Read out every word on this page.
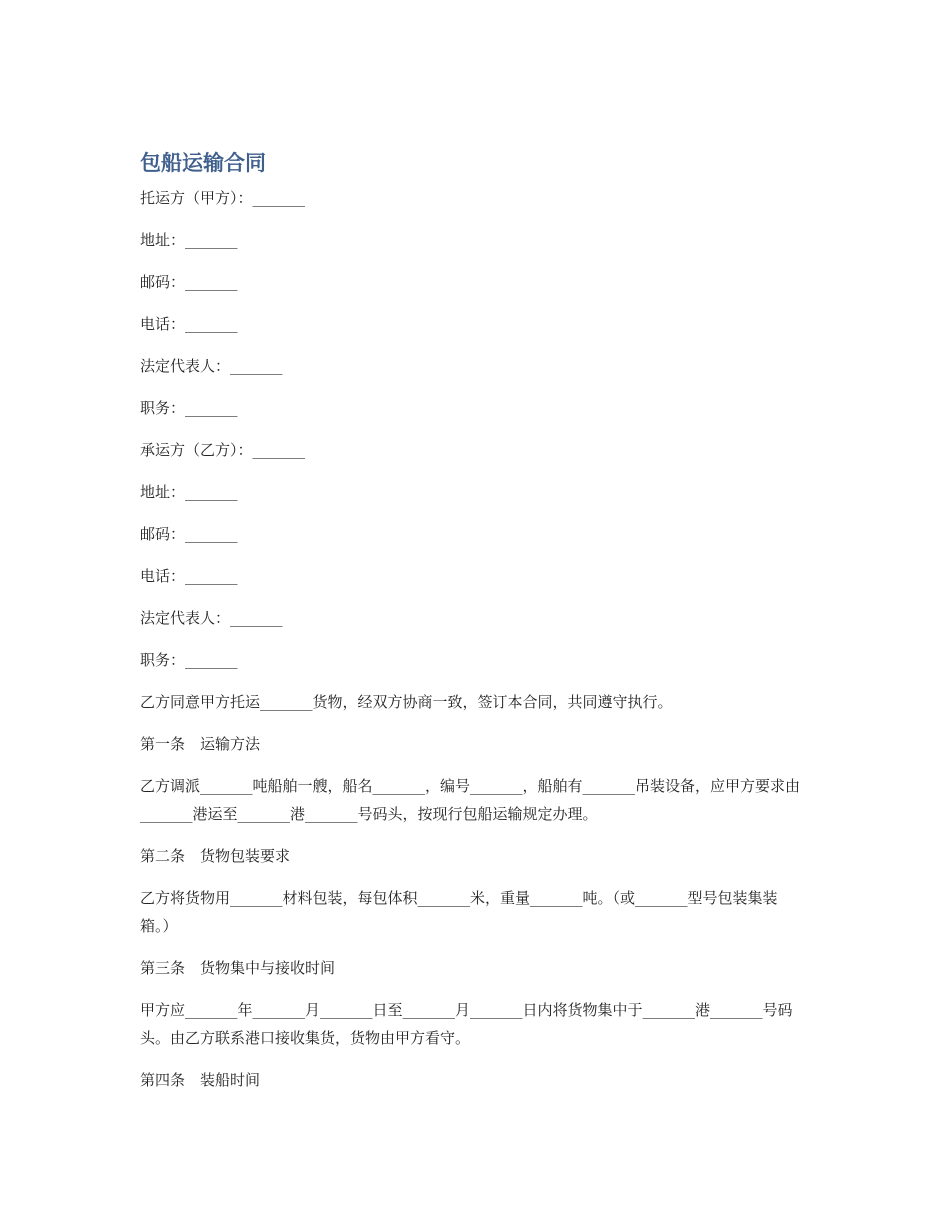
包船运输合同
托运方（甲方）：_______
地址：_______
邮码：_______
电话：_______
法定代表人：_______
职务：_______
承运方（乙方）：_______
地址：_______
邮码：_______
电话：_______
法定代表人：_______
职务：_______
乙方同意甲方托运_______货物，经双方协商一致，签订本合同，共同遵守执行。
第一条　运输方法
乙方调派_______吨船舶一艘，船名_______，编号_______，船舶有_______吊装设备，应甲方要求由_______港运至_______港_______号码头，按现行包船运输规定办理。
第二条　货物包装要求
乙方将货物用_______材料包装，每包体积_______米，重量_______吨。（或_______型号包装集装箱。）
第三条　货物集中与接收时间
甲方应_______年_______月_______日至_______月_______日内将货物集中于_______港_______号码头。由乙方联系港口接收集货，货物由甲方看守。
第四条　装船时间
